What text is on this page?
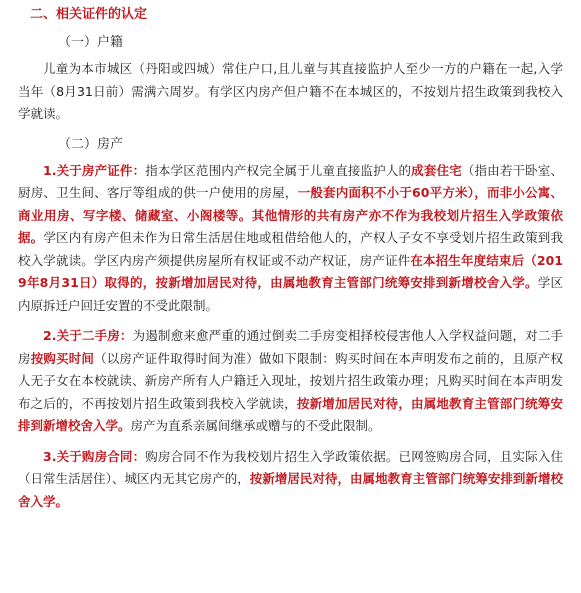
二、相关证件的认定
（一）户籍

儿童为本市城区（丹阳或四城）常住户口,且儿童与其直接监护人至少一方的户籍在一起,入学当年（8月31日前）需满六周岁。有学区内房产但户籍不在本城区的，不按划片招生政策到我校入学就读。

（二）房产

1.关于房产证件：指本学区范围内产权完全属于儿童直接监护人的成套住宅（指由若干卧室、厨房、卫生间、客厅等组成的供一户使用的房屋，一般套内面积不小于60平方米），而非小公寓、商业用房、写字楼、储藏室、小阁楼等。其他情形的共有房产亦不作为我校划片招生入学政策依据。学区内有房产但未作为日常生活居住地或租借给他人的，产权人子女不享受划片招生政策到我校入学就读。学区内房产须提供房屋所有权证或不动产权证，房产证件在本招生年度结束后（2019年8月31日）取得的，按新增加居民对待，由属地教育主管部门统筹安排到新增校舍入学。学区内原拆迁户回迁安置的不受此限制。

2.关于二手房：为遏制愈来愈严重的通过倒卖二手房变相择校侵害他人入学权益问题，对二手房按购买时间（以房产证件取得时间为准）做如下限制：购买时间在本声明发布之前的，且原产权人无子女在本校就读、新房产所有人户籍迁入现址，按划片招生政策办理；凡购买时间在本声明发布之后的，不再按划片招生政策到我校入学就读，按新增加居民对待，由属地教育主管部门统筹安排到新增校舍入学。房产为直系亲属间继承或赠与的不受此限制。

3.关于购房合同：购房合同不作为我校划片招生入学政策依据。已网签购房合同，且实际入住（日常生活居住）、城区内无其它房产的，按新增居民对待，由属地教育主管部门统筹安排到新增校舍入学。
